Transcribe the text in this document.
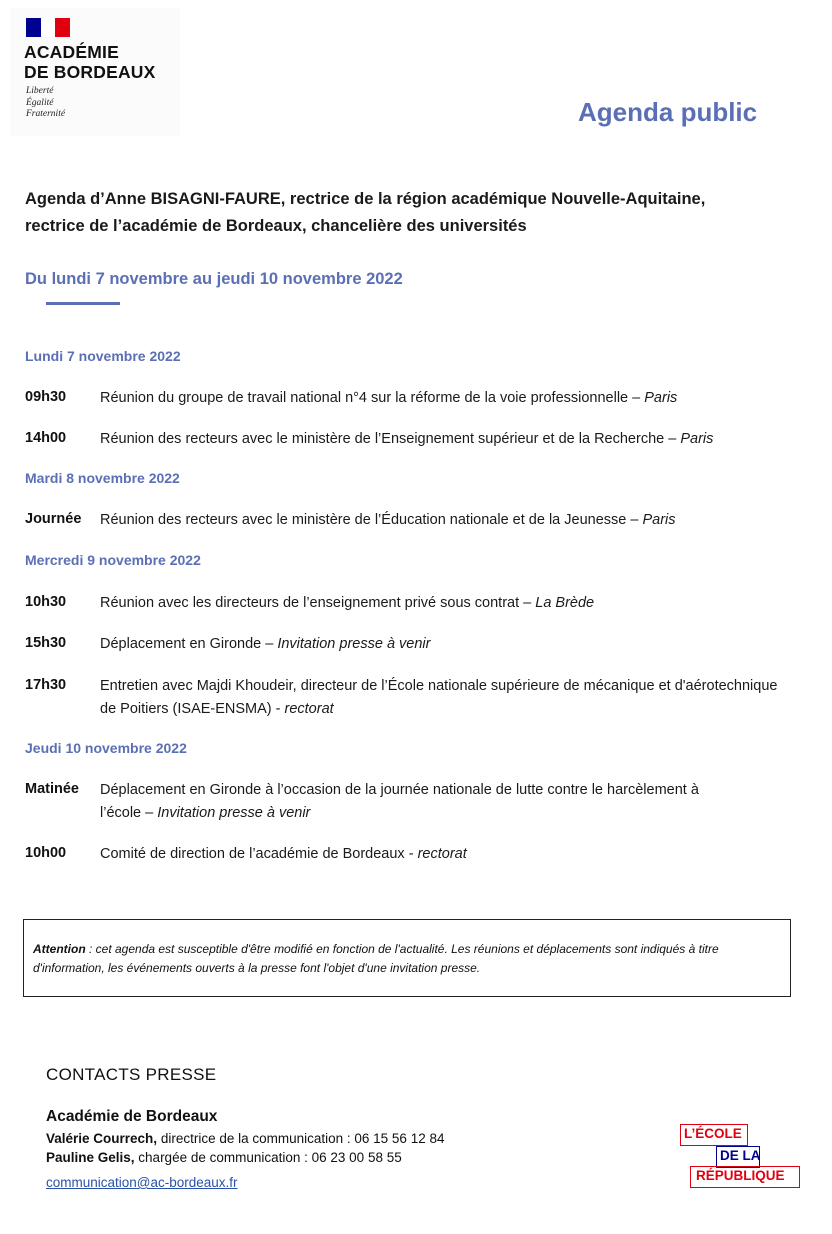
ACADÉMIE
DE BORDEAUX
Liberté
Égalité
Fraternité	Agenda public
Agenda d’Anne BISAGNI-FAURE, rectrice de la région académique Nouvelle-Aquitaine, rectrice de l’académie de Bordeaux, chancelière des universités
Du lundi 7 novembre au jeudi 10 novembre 2022
Lundi 7 novembre 2022
09h30 Réunion du groupe de travail national n°4 sur la réforme de la voie professionnelle – Paris
14h00 Réunion des recteurs avec le ministère de l’Enseignement supérieur et de la Recherche – Paris
Mardi 8 novembre 2022
Journée Réunion des recteurs avec le ministère de l’Éducation nationale et de la Jeunesse – Paris
Mercredi 9 novembre 2022
10h30 Réunion avec les directeurs de l’enseignement privé sous contrat – La Brède
15h30 Déplacement en Gironde – Invitation presse à venir
17h30 Entretien avec Majdi Khoudeir, directeur de l’École nationale supérieure de mécanique et d'aérotechnique de Poitiers (ISAE-ENSMA) - rectorat
Jeudi 10 novembre 2022
Matinée Déplacement en Gironde à l’occasion de la journée nationale de lutte contre le harcèlement à l’école – Invitation presse à venir
10h00 Comité de direction de l’académie de Bordeaux - rectorat
Attention : cet agenda est susceptible d'être modifié en fonction de l'actualité. Les réunions et déplacements sont indiqués à titre d'information, les événements ouverts à la presse font l'objet d'une invitation presse.
CONTACTS PRESSE
Académie de Bordeaux
Valérie Courrech, directrice de la communication : 06 15 56 12 84
Pauline Gelis, chargée de communication : 06 23 00 58 55
communication@ac-bordeaux.fr
L’ÉCOLE
DE LA
RÉPUBLIQUE
